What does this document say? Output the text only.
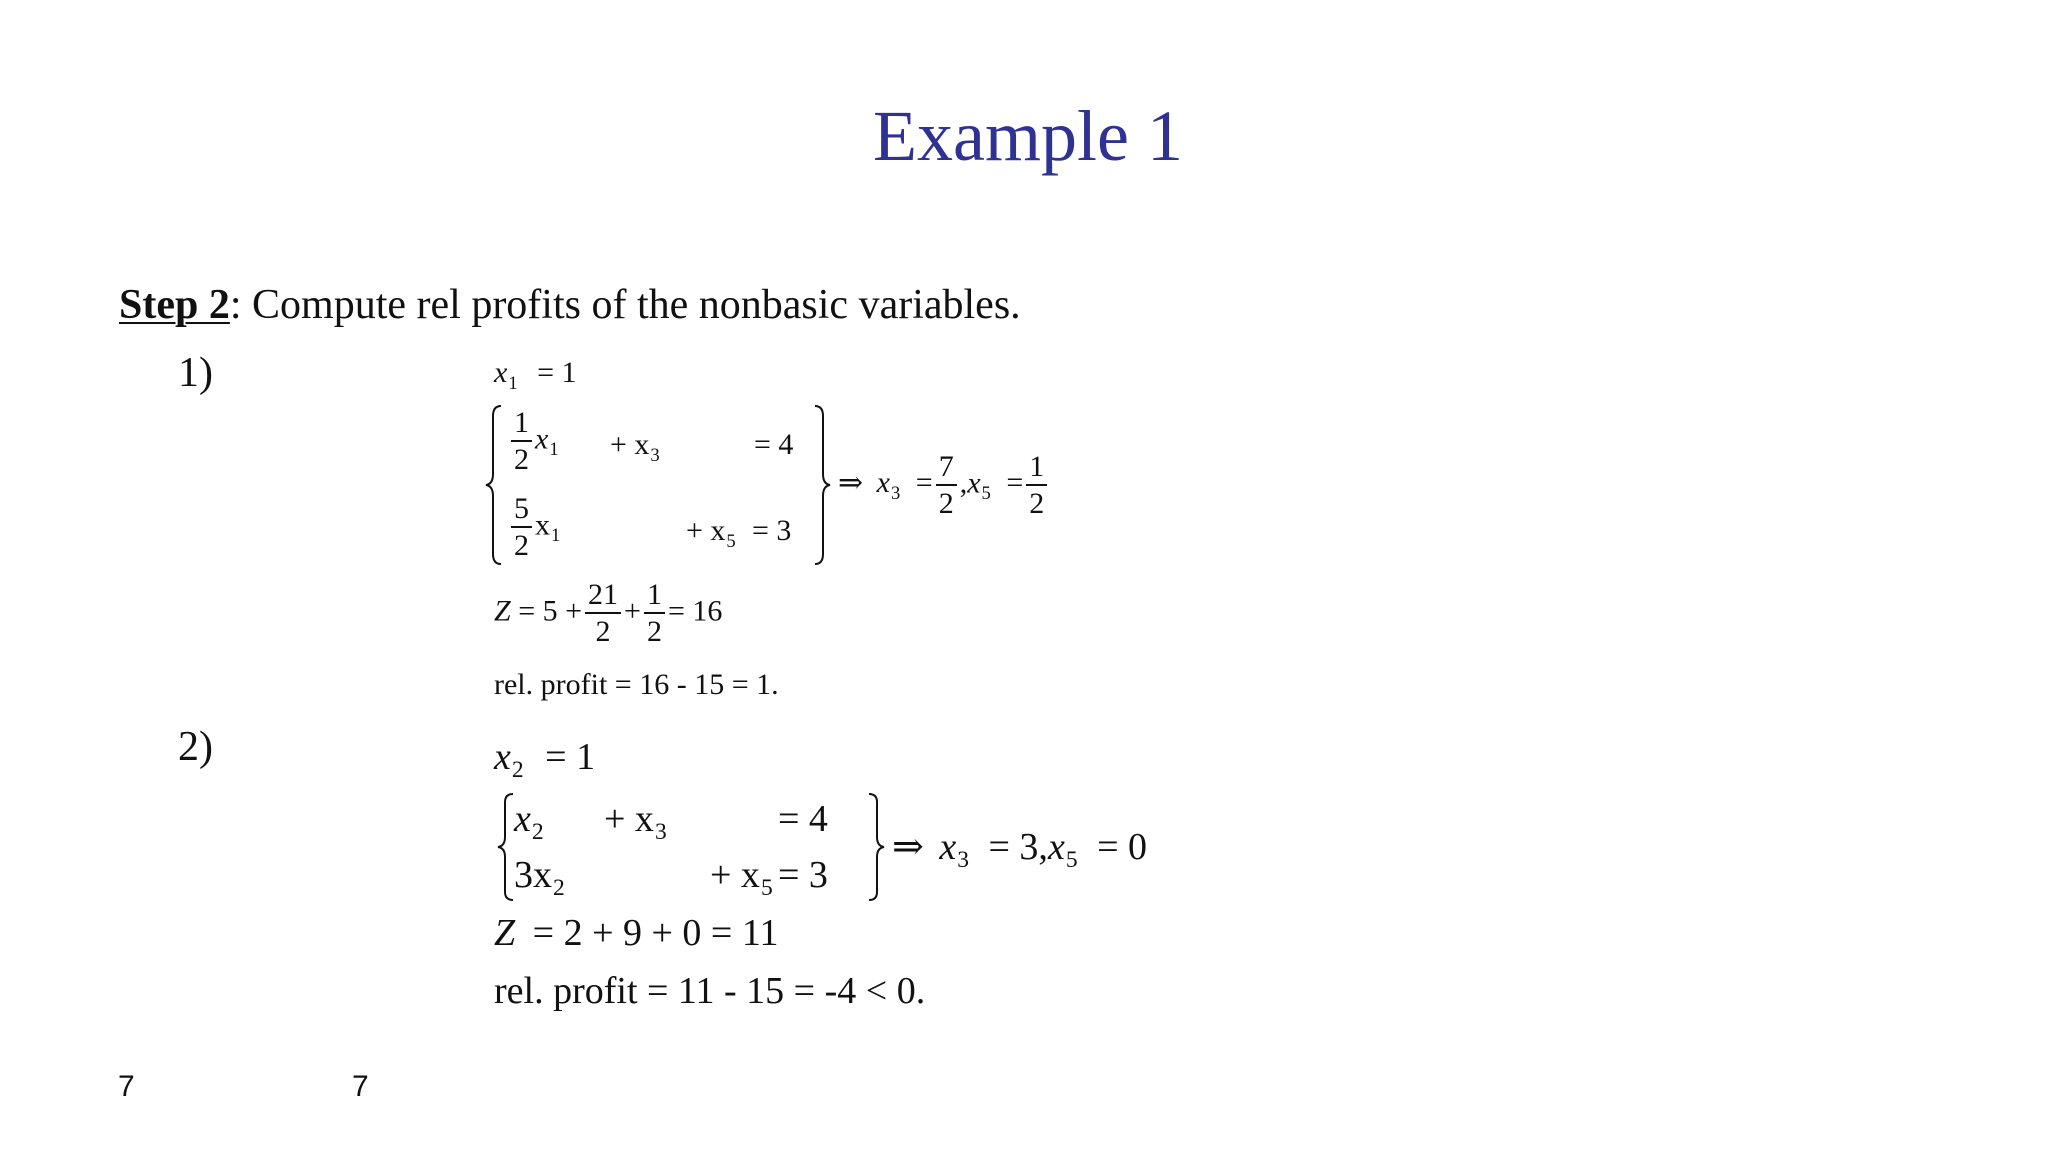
Example 1
Step 2: Compute rel profits of the nonbasic variables.
1)	$x_1 = 1$
$\frac{1}{2} x_1 + x_3$	= 4
$\frac{5}{2} x_1$	+ $x_5 = 3$
⇒ $x_3 = \frac{7}{2} ,x_5 = \frac{1}{2}$
$Z = 5 + \frac{21}{2} + \frac{1}{2} = 16$
rel. profit = 16 - 15 = 1.
2)	$x_2 = 1$
$x_2 + x_3$	= 4
$3x_2$	+ $x_5 = 3$
⇒ $x_3 = 3,x_5 = 0$
Z = 2 + 9 + 0 = 11
rel. profit = 11 - 15 = -4 < 0.
7	7
